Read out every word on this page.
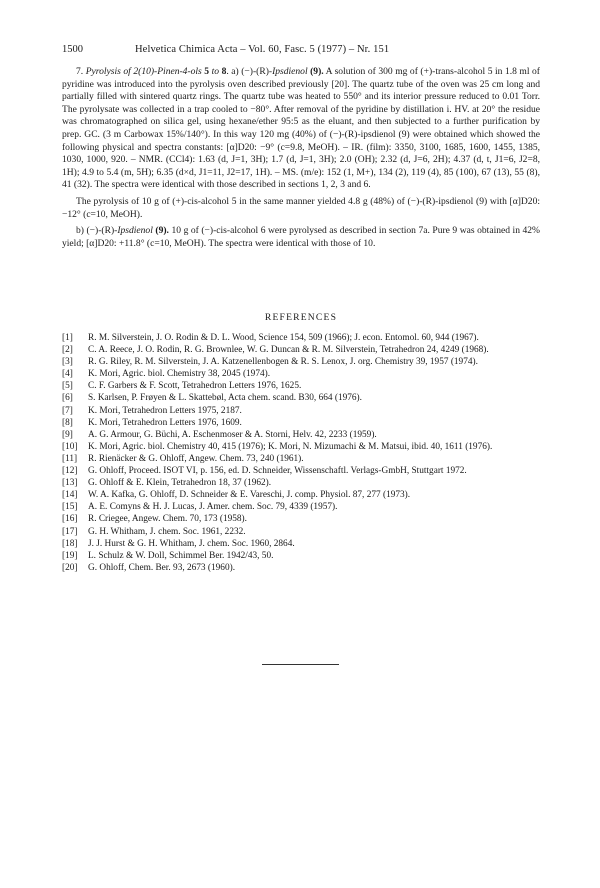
1500	Helvetica Chimica Acta – Vol. 60, Fasc. 5 (1977) – Nr. 151

7. Pyrolysis of 2(10)-Pinen-4-ols 5 to 8. a) (−)-(R)-Ipsdienol (9). A solution of 300 mg of (+)-trans-alcohol 5 in 1.8 ml of pyridine was introduced into the pyrolysis oven described previously [20]. The quartz tube of the oven was 25 cm long and partially filled with sintered quartz rings. The quartz tube was heated to 550° and its interior pressure reduced to 0.01 Torr. The pyrolysate was collected in a trap cooled to −80°. After removal of the pyridine by distillation i. HV. at 20° the residue was chromatographed on silica gel, using hexane/ether 95:5 as the eluant, and then subjected to a further purification by prep. GC. (3 m Carbowax 15%/140°). In this way 120 mg (40%) of (−)-(R)-ipsdienol (9) were obtained which showed the following physical and spectra constants: [α]D20: −9° (c=9.8, MeOH). – IR. (film): 3350, 3100, 1685, 1600, 1455, 1385, 1030, 1000, 920. – NMR. (CCl4): 1.63 (d, J=1, 3H); 1.7 (d, J=1, 3H); 2.0 (OH); 2.32 (d, J=6, 2H); 4.37 (d, t, J1=6, J2=8, 1H); 4.9 to 5.4 (m, 5H); 6.35 (d×d, J1=11, J2=17, 1H). – MS. (m/e): 152 (1, M+), 134 (2), 119 (4), 85 (100), 67 (13), 55 (8), 41 (32). The spectra were identical with those described in sections 1, 2, 3 and 6.

The pyrolysis of 10 g of (+)-cis-alcohol 5 in the same manner yielded 4.8 g (48%) of (−)-(R)-ipsdienol (9) with [α]D20: −12° (c=10, MeOH).

b) (−)-(R)-Ipsdienol (9). 10 g of (−)-cis-alcohol 6 were pyrolysed as described in section 7a. Pure 9 was obtained in 42% yield; [α]D20: +11.8° (c=10, MeOH). The spectra were identical with those of 10.

REFERENCES
[1] R. M. Silverstein, J. O. Rodin & D. L. Wood, Science 154, 509 (1966); J. econ. Entomol. 60, 944 (1967).
[2] C. A. Reece, J. O. Rodin, R. G. Brownlee, W. G. Duncan & R. M. Silverstein, Tetrahedron 24, 4249 (1968).
[3] R. G. Riley, R. M. Silverstein, J. A. Katzenellenbogen & R. S. Lenox, J. org. Chemistry 39, 1957 (1974).
[4] K. Mori, Agric. biol. Chemistry 38, 2045 (1974).
[5] C. F. Garbers & F. Scott, Tetrahedron Letters 1976, 1625.
[6] S. Karlsen, P. Frøyen & L. Skattebøl, Acta chem. scand. B30, 664 (1976).
[7] K. Mori, Tetrahedron Letters 1975, 2187.
[8] K. Mori, Tetrahedron Letters 1976, 1609.
[9] A. G. Armour, G. Büchi, A. Eschenmoser & A. Storni, Helv. 42, 2233 (1959).
[10] K. Mori, Agric. biol. Chemistry 40, 415 (1976); K. Mori, N. Mizumachi & M. Matsui, ibid. 40, 1611 (1976).
[11] R. Rienäcker & G. Ohloff, Angew. Chem. 73, 240 (1961).
[12] G. Ohloff, Proceed. ISOT VI, p. 156, ed. D. Schneider, Wissenschaftl. Verlags-GmbH, Stuttgart 1972.
[13] G. Ohloff & E. Klein, Tetrahedron 18, 37 (1962).
[14] W. A. Kafka, G. Ohloff, D. Schneider & E. Vareschi, J. comp. Physiol. 87, 277 (1973).
[15] A. E. Comyns & H. J. Lucas, J. Amer. chem. Soc. 79, 4339 (1957).
[16] R. Criegee, Angew. Chem. 70, 173 (1958).
[17] G. H. Whitham, J. chem. Soc. 1961, 2232.
[18] J. J. Hurst & G. H. Whitham, J. chem. Soc. 1960, 2864.
[19] L. Schulz & W. Doll, Schimmel Ber. 1942/43, 50.
[20] G. Ohloff, Chem. Ber. 93, 2673 (1960).
